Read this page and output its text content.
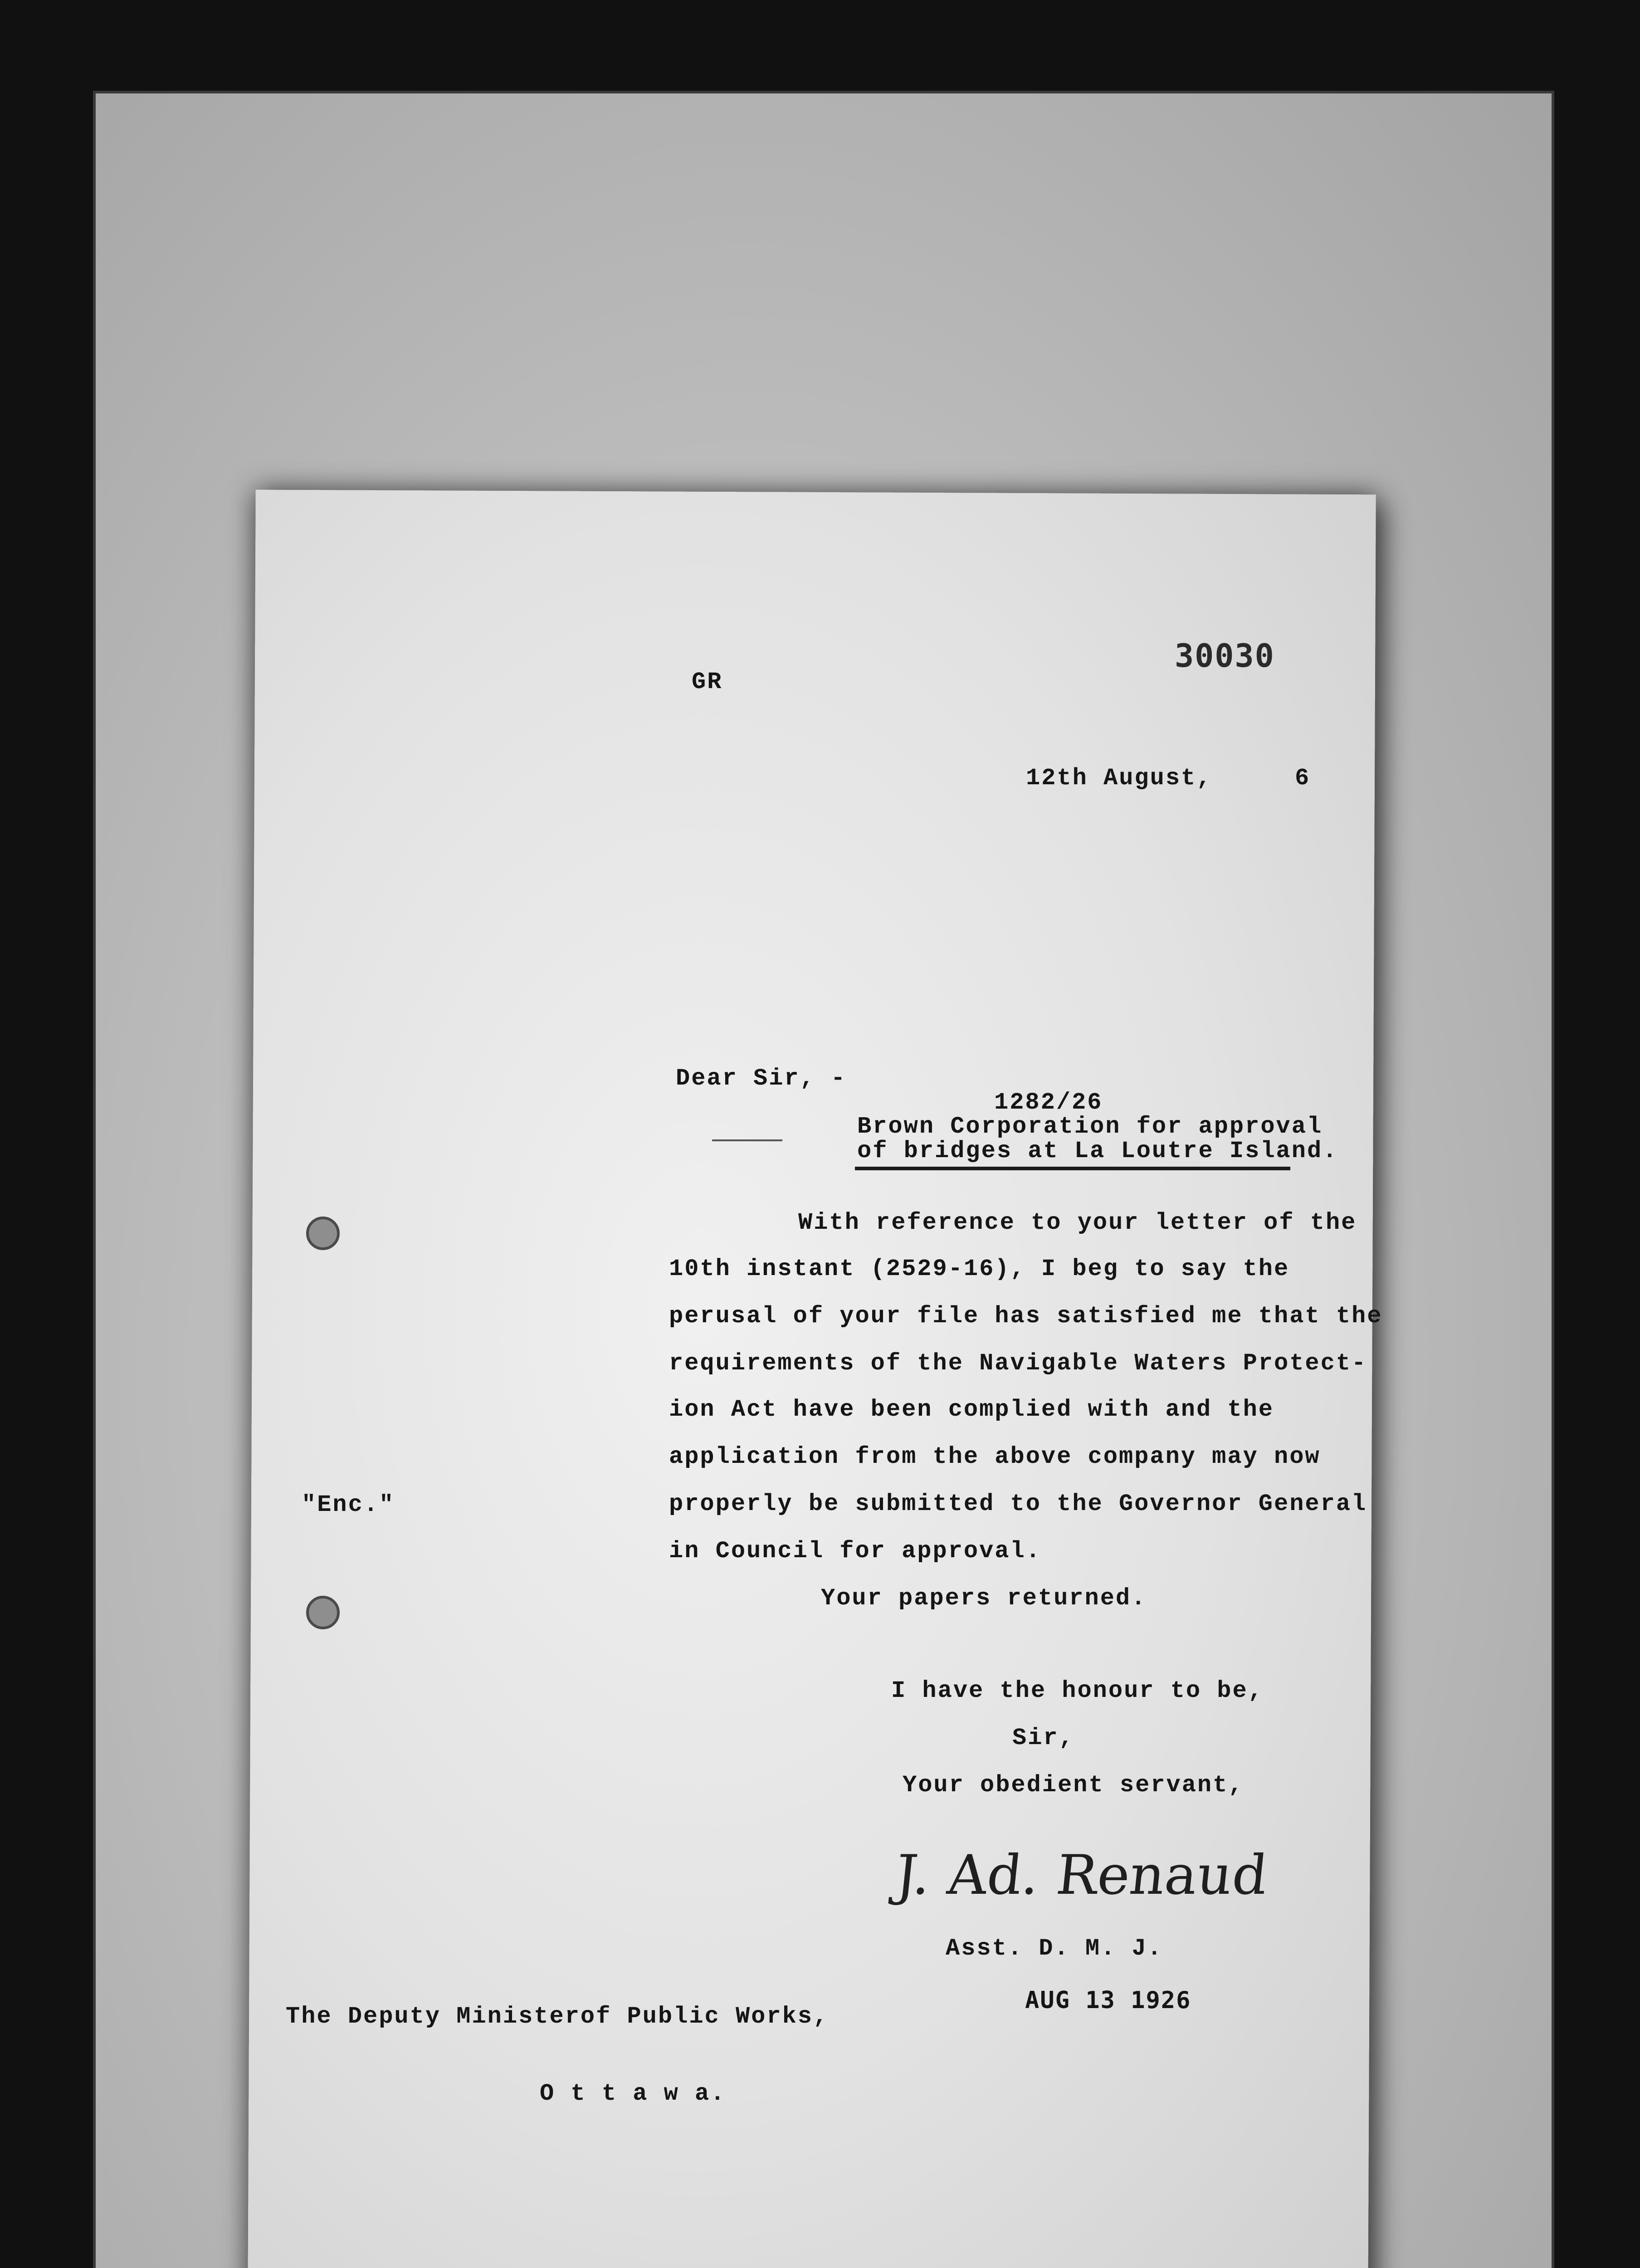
GR
30030
12th August,	6
Dear Sir, -
1282/26
Brown Corporation for approval
of bridges at La Loutre Island.
With reference to your letter of the
10th instant (2529-16), I beg to say the
perusal of your file has satisfied me that the
requirements of the Navigable Waters Protect-
ion Act have been complied with and the
application from the above company may now
properly be submitted to the Governor General
in Council for approval.
Your papers returned.
"Enc."
I have the honour to be,
Sir,
Your obedient servant,
J. Ad. Renaud
Asst. D. M. J.
AUG 13 1926
The Deputy Ministerof Public Works,
O t t a w a.
